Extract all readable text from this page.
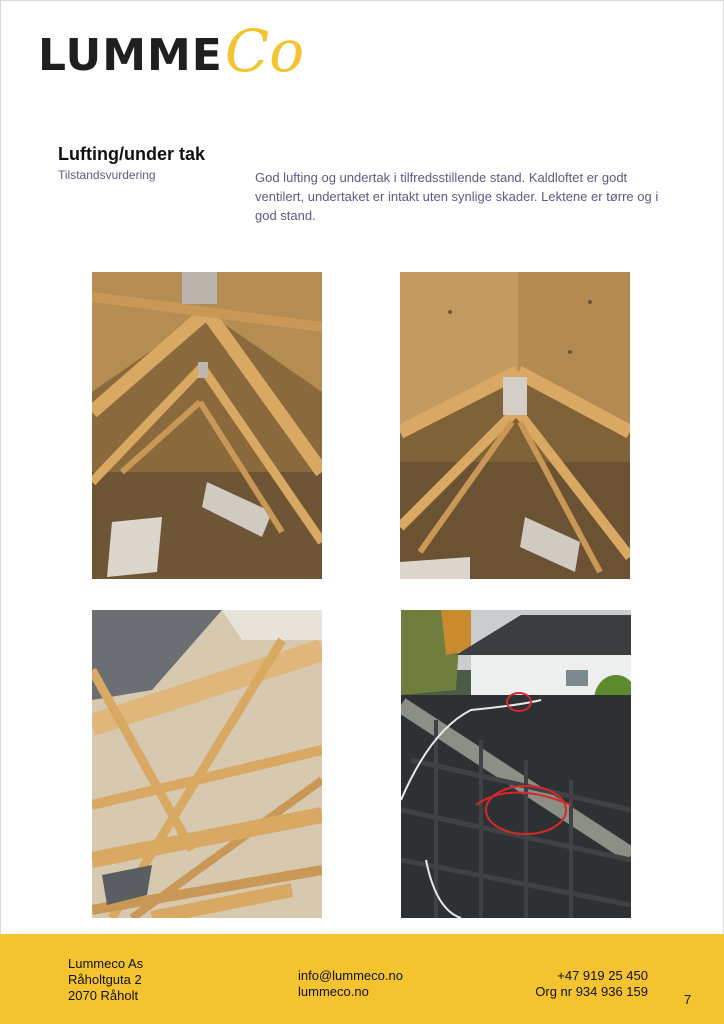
LUMME Co
Lufting/under tak
Tilstandsvurdering	God lufting og undertak i tilfredsstillende stand. Kaldloftet er godt ventilert, undertaket er intakt uten synlige skader. Lektene er tørre og i god stand.
Lummeco As
Råholtguta 2
2070 Råholt
info@lummeco.no
lummeco.no
+47 919 25 450
Org nr 934 936 159
7
